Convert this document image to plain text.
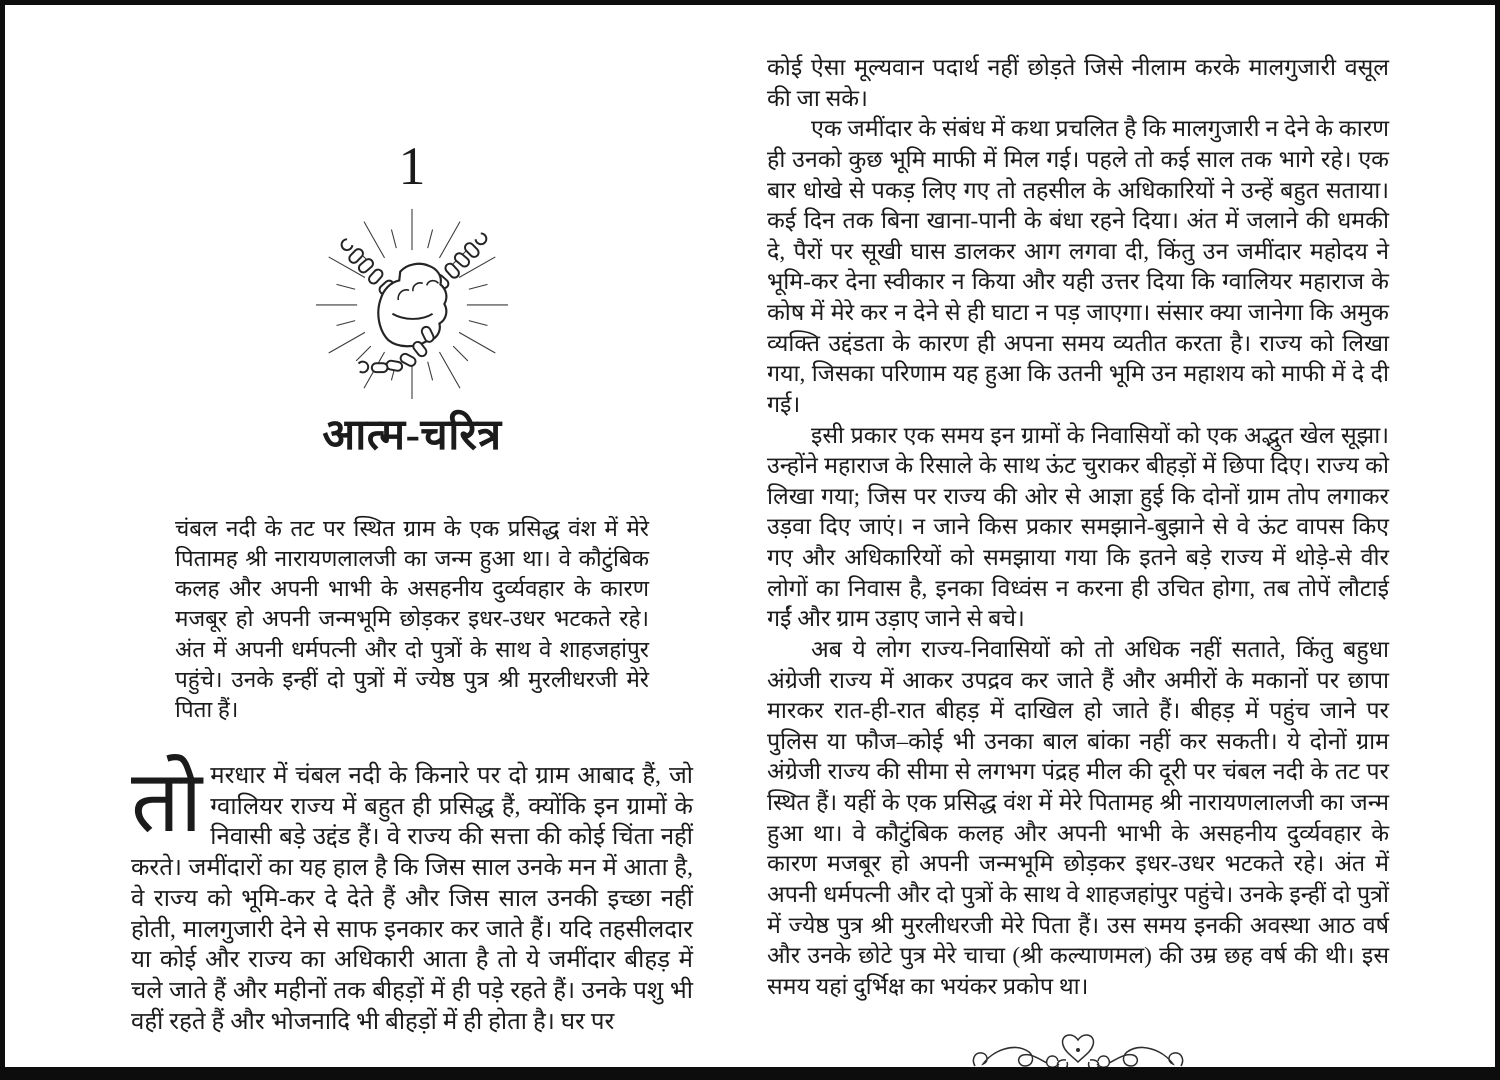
1
आत्म-चरित्र
चंबल नदी के तट पर स्थित ग्राम के एक प्रसिद्ध वंश में मेरे पितामह श्री नारायणलालजी का जन्म हुआ था। वे कौटुंबिक कलह और अपनी भाभी के असहनीय दुर्व्यवहार के कारण मजबूर हो अपनी जन्मभूमि छोड़कर इधर-उधर भटकते रहे। अंत में अपनी धर्मपत्नी और दो पुत्रों के साथ वे शाहजहांपुर पहुंचे। उनके इन्हीं दो पुत्रों में ज्येष्ठ पुत्र श्री मुरलीधरजी मेरे पिता हैं।
तोमरधार में चंबल नदी के किनारे पर दो ग्राम आबाद हैं, जो ग्वालियर राज्य में बहुत ही प्रसिद्ध हैं, क्योंकि इन ग्रामों के निवासी बड़े उद्दंड हैं। वे राज्य की सत्ता की कोई चिंता नहीं करते। जमींदारों का यह हाल है कि जिस साल उनके मन में आता है, वे राज्य को भूमि-कर दे देते हैं और जिस साल उनकी इच्छा नहीं होती, मालगुजारी देने से साफ इनकार कर जाते हैं। यदि तहसीलदार या कोई और राज्य का अधिकारी आता है तो ये जमींदार बीहड़ में चले जाते हैं और महीनों तक बीहड़ों में ही पड़े रहते हैं। उनके पशु भी वहीं रहते हैं और भोजनादि भी बीहड़ों में ही होता है। घर पर

कोई ऐसा मूल्यवान पदार्थ नहीं छोड़ते जिसे नीलाम करके मालगुजारी वसूल की जा सके।

एक जमींदार के संबंध में कथा प्रचलित है कि मालगुजारी न देने के कारण ही उनको कुछ भूमि माफी में मिल गई। पहले तो कई साल तक भागे रहे। एक बार धोखे से पकड़ लिए गए तो तहसील के अधिकारियों ने उन्हें बहुत सताया। कई दिन तक बिना खाना-पानी के बंधा रहने दिया। अंत में जलाने की धमकी दे, पैरों पर सूखी घास डालकर आग लगवा दी, किंतु उन जमींदार महोदय ने भूमि-कर देना स्वीकार न किया और यही उत्तर दिया कि ग्वालियर महाराज के कोष में मेरे कर न देने से ही घाटा न पड़ जाएगा। संसार क्या जानेगा कि अमुक व्यक्ति उद्दंडता के कारण ही अपना समय व्यतीत करता है। राज्य को लिखा गया, जिसका परिणाम यह हुआ कि उतनी भूमि उन महाशय को माफी में दे दी गई।

इसी प्रकार एक समय इन ग्रामों के निवासियों को एक अद्भुत खेल सूझा। उन्होंने महाराज के रिसाले के साथ ऊंट चुराकर बीहड़ों में छिपा दिए। राज्य को लिखा गया; जिस पर राज्य की ओर से आज्ञा हुई कि दोनों ग्राम तोप लगाकर उड़वा दिए जाएं। न जाने किस प्रकार समझाने-बुझाने से वे ऊंट वापस किए गए और अधिकारियों को समझाया गया कि इतने बड़े राज्य में थोड़े-से वीर लोगों का निवास है, इनका विध्वंस न करना ही उचित होगा, तब तोपें लौटाई गईं और ग्राम उड़ाए जाने से बचे।

अब ये लोग राज्य-निवासियों को तो अधिक नहीं सताते, किंतु बहुधा अंग्रेजी राज्य में आकर उपद्रव कर जाते हैं और अमीरों के मकानों पर छापा मारकर रात-ही-रात बीहड़ में दाखिल हो जाते हैं। बीहड़ में पहुंच जाने पर पुलिस या फौज–कोई भी उनका बाल बांका नहीं कर सकती। ये दोनों ग्राम अंग्रेजी राज्य की सीमा से लगभग पंद्रह मील की दूरी पर चंबल नदी के तट पर स्थित हैं। यहीं के एक प्रसिद्ध वंश में मेरे पितामह श्री नारायणलालजी का जन्म हुआ था। वे कौटुंबिक कलह और अपनी भाभी के असहनीय दुर्व्यवहार के कारण मजबूर हो अपनी जन्मभूमि छोड़कर इधर-उधर भटकते रहे। अंत में अपनी धर्मपत्नी और दो पुत्रों के साथ वे शाहजहांपुर पहुंचे। उनके इन्हीं दो पुत्रों में ज्येष्ठ पुत्र श्री मुरलीधरजी मेरे पिता हैं। उस समय इनकी अवस्था आठ वर्ष और उनके छोटे पुत्र मेरे चाचा (श्री कल्याणमल) की उम्र छह वर्ष की थी। इस समय यहां दुर्भिक्ष का भयंकर प्रकोप था।
